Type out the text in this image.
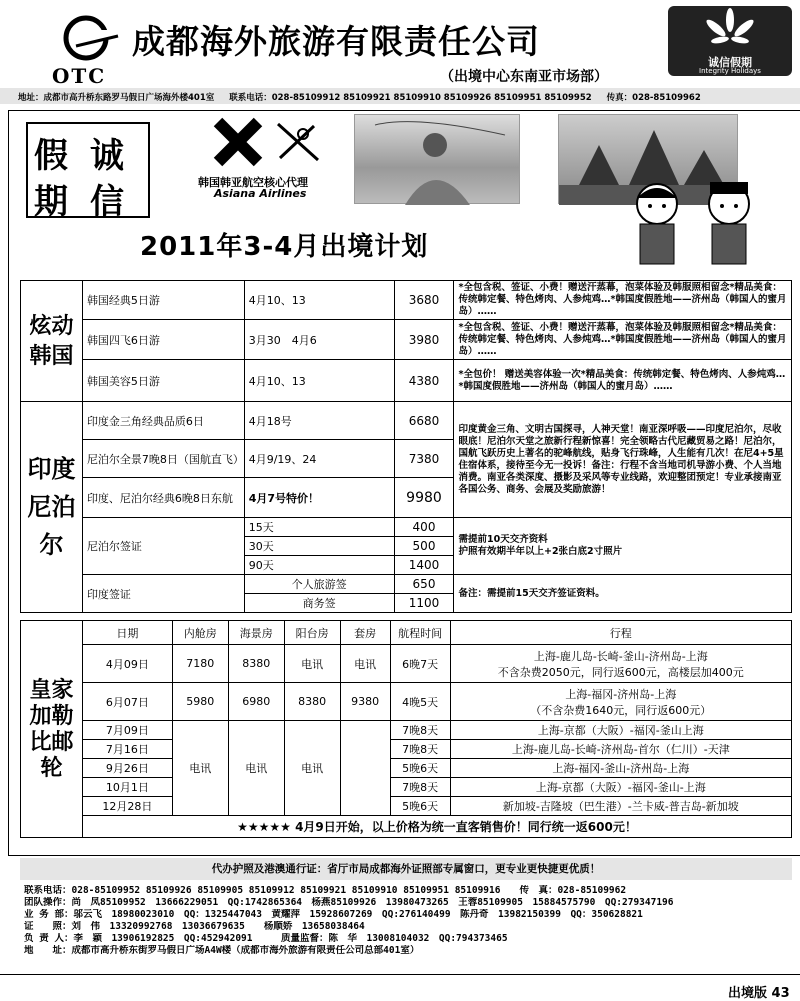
OTC
成都海外旅游有限责任公司
（出境中心东南亚市场部）
诚信假期
Integrity Holidays
地址：成都市高升桥东路罗马假日广场海外楼401室 联系电话：028-85109912 85109921 85109910 85109926 85109951 85109952 传真：028-85109962
假 诚
期 信	韩国韩亚航空核心代理
Asiana Airlines
2011年3-4月出境计划
炫动韩国	韩国经典5日游	4月10、13	3680	*全包含税、签证、小费！赠送汗蒸幕，泡菜体验及韩服照相留念*精品美食：传统韩定餐、特色烤肉、人参炖鸡…*韩国度假胜地——济州岛（韩国人的蜜月岛）……
	韩国四飞6日游	3月30　4月6	3980	*全包含税、签证、小费！赠送汗蒸幕，泡菜体验及韩服照相留念*精品美食：传统韩定餐、特色烤肉、人参炖鸡…*韩国度假胜地——济州岛（韩国人的蜜月岛）……
	韩国美容5日游	4月10、13	4380	*全包价！ 赠送美容体验一次*精品美食：传统韩定餐、特色烤肉、人参炖鸡…*韩国度假胜地——济州岛（韩国人的蜜月岛）……
印度尼泊尔	印度金三角经典品质6日	4月18号	6680	印度黄金三角、文明古国探寻，人神天堂！南亚深呼吸——印度尼泊尔，尽收眼底！尼泊尔天堂之旅新行程新惊喜！完全领略古代尼藏贸易之路！尼泊尔，国航飞跃历史上著名的驼峰航线，贴身飞行珠峰，人生能有几次！在尼4+5星住宿体系，接待至今无一投诉！备注：行程不含当地司机导游小费、个人当地消费。南亚各类深度、摄影及采风等专业线路，欢迎整团预定！专业承接南亚各国公务、商务、会展及奖励旅游！
	尼泊尔全景7晚8日（国航直飞）	4月9/19、24	7380	
	印度、尼泊尔经典6晚8日东航	4月7号特价！	9980	
	尼泊尔签证	15天	400	需提前10天交齐资料
护照有效期半年以上+2张白底2寸照片

		30天	500	
		90天	1400	
	印度签证	个人旅游签	650	备注：需提前15天交齐签证资料。
		商务签	1100	
皇家加勒比邮轮	日期	内舱房	海景房	阳台房	套房	航程时间	行程
	4月09日	7180	8380	电讯	电讯	6晚7天	上海-鹿儿岛-长崎-釜山-济州岛-上海
不含杂费2050元，同行返600元，高楼层加400元

	6月07日	5980	6980	8380	9380	4晚5天	上海-福冈-济州岛-上海
（不含杂费1640元，同行返600元）

	7月09日	电讯	电讯	电讯		7晚8天	上海-京都（大阪）-福冈-釜山上海
	7月16日					7晚8天	上海-鹿儿岛-长崎-济州岛-首尔（仁川）-天津
	9月26日					5晚6天	上海-福冈-釜山-济州岛-上海
	10月1日					7晚8天	上海-京都（大阪）-福冈-釜山-上海
	12月28日					5晚6天	新加坡-吉隆坡（巴生港）-兰卡威-普吉岛-新加坡
	★★★★★ 4月9日开始，以上价格为统一直客销售价！同行统一返600元！						
代办护照及港澳通行证：省厅市局成都海外证照部专属窗口，更专业更快捷更优质！
联系电话：028-85109952 85109926 85109905 85109912 85109921 85109910 85109951 85109916　　传　真：028-85109962
团队操作：尚　凤85109952　13666229051　QQ:1742865364　杨燕85109926　13980473265　王蓉85109905　15884575790　QQ:279347196
业 务 部：邬云飞　18980023010　QQ：1325447043　黄耀萍　15928607269　QQ:276140499　陈丹奇　13982150399　QQ：350628821
证　　照：刘　伟　13320992768　13036679635　　杨顺娇　13658038464
负 责 人：李　颖　13906192825　QQ:452942091　　　质量监督：陈　华　13008104032　QQ:794373465
地　　址：成都市高升桥东街罗马假日广场A4W楼（成都市海外旅游有限责任公司总部401室）
出境版 43
